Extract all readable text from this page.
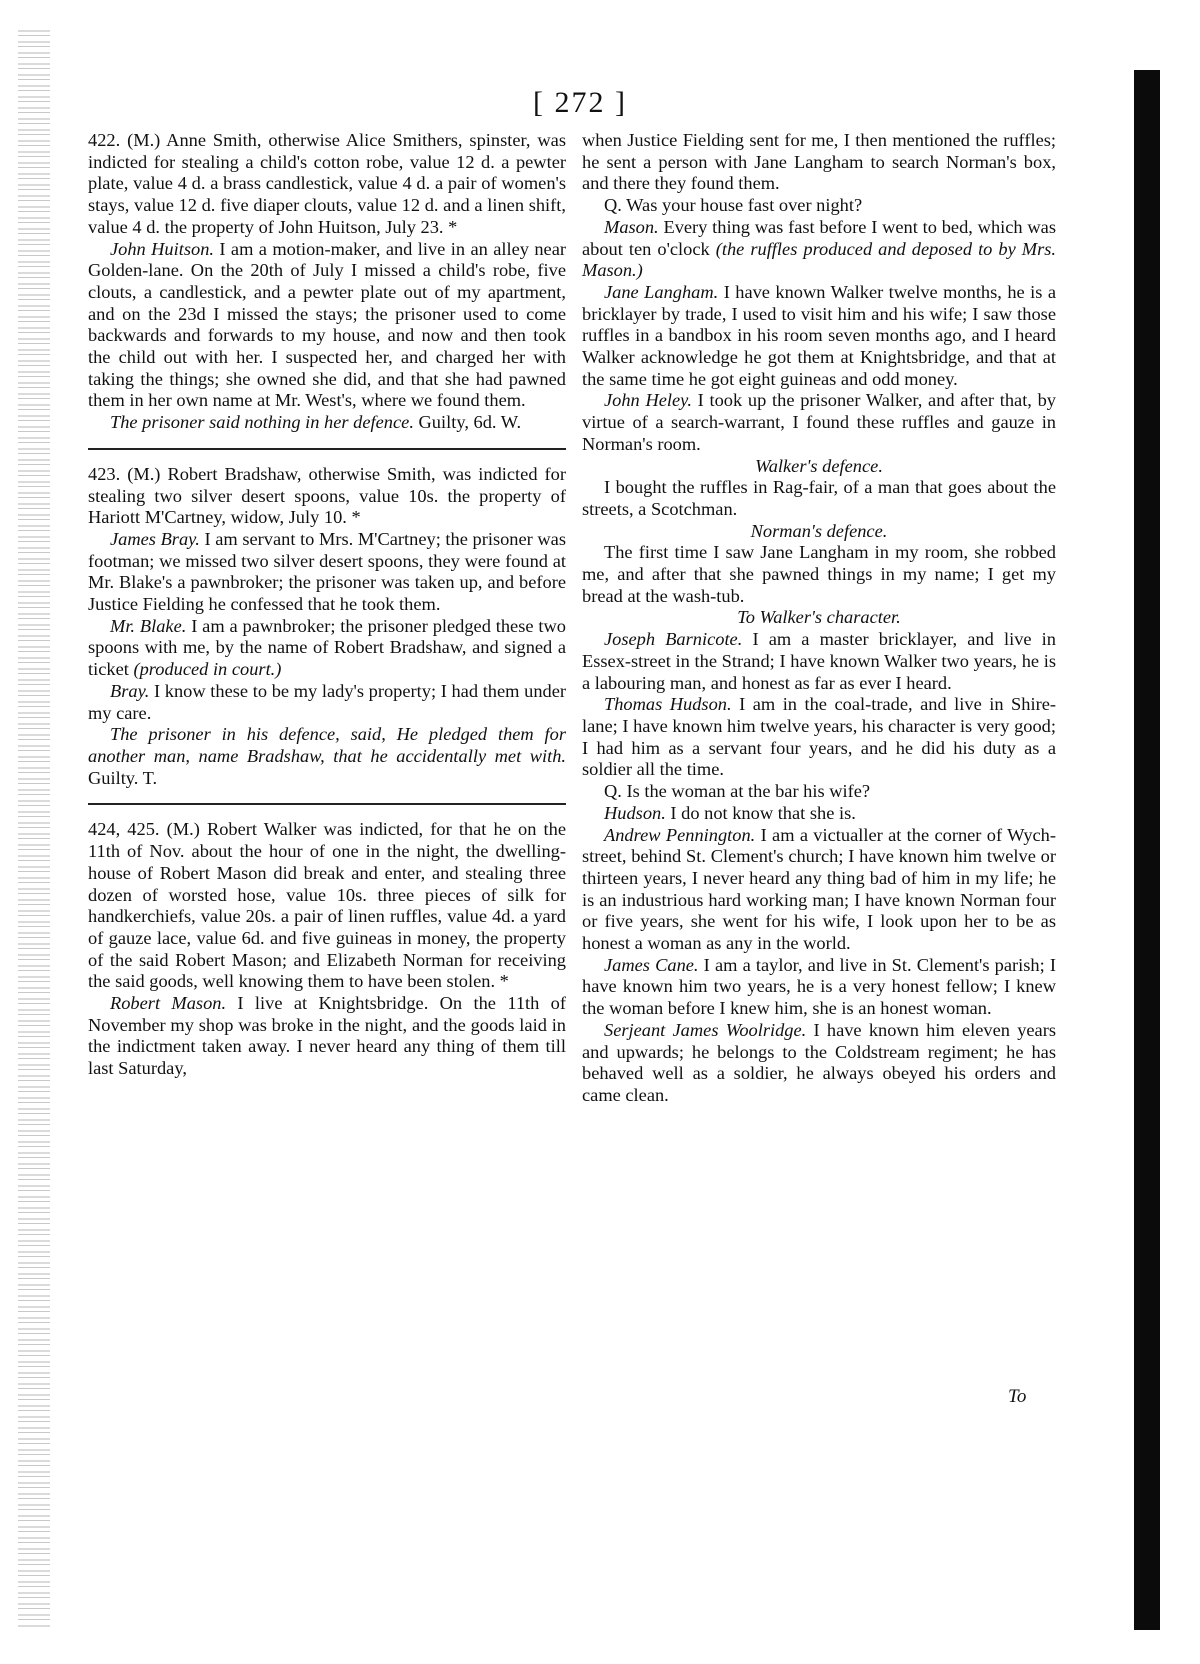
[ 272 ]

422. (M.) Anne Smith, otherwise Alice Smithers, spinster, was indicted for stealing a child's cotton robe, value 12 d. a pewter plate, value 4 d. a brass candlestick, value 4 d. a pair of women's stays, value 12 d. five diaper clouts, value 12 d. and a linen shift, value 4 d. the property of John Huitson, July 23. *

John Huitson. I am a motion-maker, and live in an alley near Golden-lane. On the 20th of July I missed a child's robe, five clouts, a candlestick, and a pewter plate out of my apartment, and on the 23d I missed the stays; the prisoner used to come backwards and forwards to my house, and now and then took the child out with her. I suspected her, and charged her with taking the things; she owned she did, and that she had pawned them in her own name at Mr. West's, where we found them.

The prisoner said nothing in her defence. Guilty, 6d. W.

423. (M.) Robert Bradshaw, otherwise Smith, was indicted for stealing two silver desert spoons, value 10s. the property of Hariott M'Cartney, widow, July 10. *

James Bray. I am servant to Mrs. M'Cartney; the prisoner was footman; we missed two silver desert spoons, they were found at Mr. Blake's a pawnbroker; the prisoner was taken up, and before Justice Fielding he confessed that he took them.

Mr. Blake. I am a pawnbroker; the prisoner pledged these two spoons with me, by the name of Robert Bradshaw, and signed a ticket (produced in court.)

Bray. I know these to be my lady's property; I had them under my care.

The prisoner in his defence, said, He pledged them for another man, name Bradshaw, that he accidentally met with. Guilty. T.

424, 425. (M.) Robert Walker was indicted, for that he on the 11th of Nov. about the hour of one in the night, the dwelling-house of Robert Mason did break and enter, and stealing three dozen of worsted hose, value 10s. three pieces of silk for handkerchiefs, value 20s. a pair of linen ruffles, value 4d. a yard of gauze lace, value 6d. and five guineas in money, the property of the said Robert Mason; and Elizabeth Norman for receiving the said goods, well knowing them to have been stolen. *

Robert Mason. I live at Knightsbridge. On the 11th of November my shop was broke in the night, and the goods laid in the indictment taken away. I never heard any thing of them till last Saturday,

when Justice Fielding sent for me, I then mentioned the ruffles; he sent a person with Jane Langham to search Norman's box, and there they found them.

Q. Was your house fast over night?

Mason. Every thing was fast before I went to bed, which was about ten o'clock (the ruffles produced and deposed to by Mrs. Mason.)

Jane Langham. I have known Walker twelve months, he is a bricklayer by trade, I used to visit him and his wife; I saw those ruffles in a bandbox in his room seven months ago, and I heard Walker acknowledge he got them at Knightsbridge, and that at the same time he got eight guineas and odd money.

John Heley. I took up the prisoner Walker, and after that, by virtue of a search-warrant, I found these ruffles and gauze in Norman's room.

Walker's defence.

I bought the ruffles in Rag-fair, of a man that goes about the streets, a Scotchman.

Norman's defence.

The first time I saw Jane Langham in my room, she robbed me, and after that she pawned things in my name; I get my bread at the wash-tub.

To Walker's character.

Joseph Barnicote. I am a master bricklayer, and live in Essex-street in the Strand; I have known Walker two years, he is a labouring man, and honest as far as ever I heard.

Thomas Hudson. I am in the coal-trade, and live in Shire-lane; I have known him twelve years, his character is very good; I had him as a servant four years, and he did his duty as a soldier all the time.

Q. Is the woman at the bar his wife?

Hudson. I do not know that she is.

Andrew Pennington. I am a victualler at the corner of Wych-street, behind St. Clement's church; I have known him twelve or thirteen years, I never heard any thing bad of him in my life; he is an industrious hard working man; I have known Norman four or five years, she went for his wife, I look upon her to be as honest a woman as any in the world.

James Cane. I am a taylor, and live in St. Clement's parish; I have known him two years, he is a very honest fellow; I knew the woman before I knew him, she is an honest woman.

Serjeant James Woolridge. I have known him eleven years and upwards; he belongs to the Coldstream regiment; he has behaved well as a soldier, he always obeyed his orders and came clean.

To
